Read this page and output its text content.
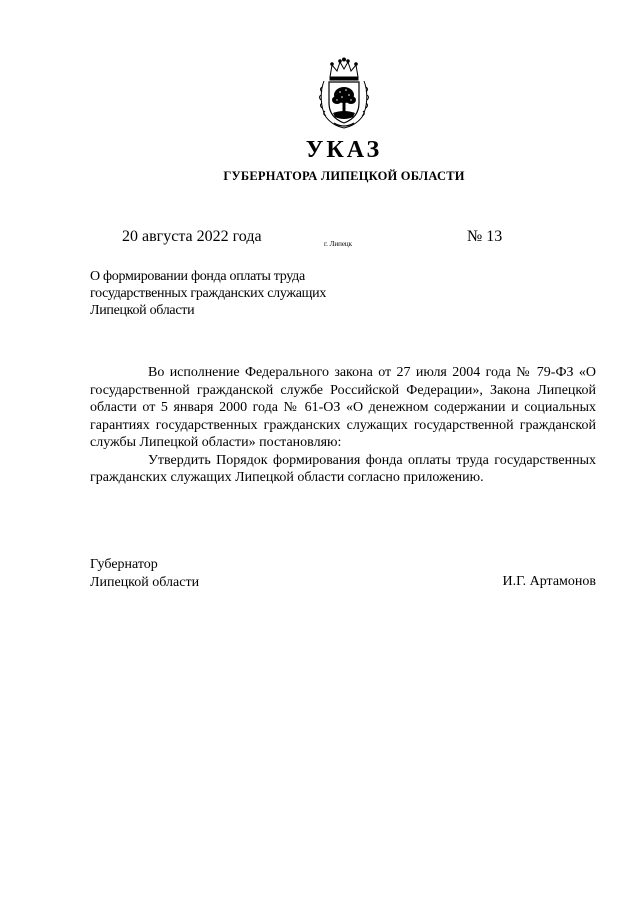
УКАЗ
ГУБЕРНАТОРА ЛИПЕЦКОЙ ОБЛАСТИ
20 августа 2022 года	г. Липецк	№ 13
О формировании фонда оплаты труда
государственных гражданских служащих
Липецкой области

Во исполнение Федерального закона от 27 июля 2004 года № 79-ФЗ «О государственной гражданской службе Российской Федерации», Закона Липецкой области от 5 января 2000 года № 61-ОЗ «О денежном содержании и социальных гарантиях государственных гражданских служащих государственной гражданской службы Липецкой области» постановляю:

Утвердить Порядок формирования фонда оплаты труда государственных гражданских служащих Липецкой области согласно приложению.

Губернатор
Липецкой области	И.Г. Артамонов
